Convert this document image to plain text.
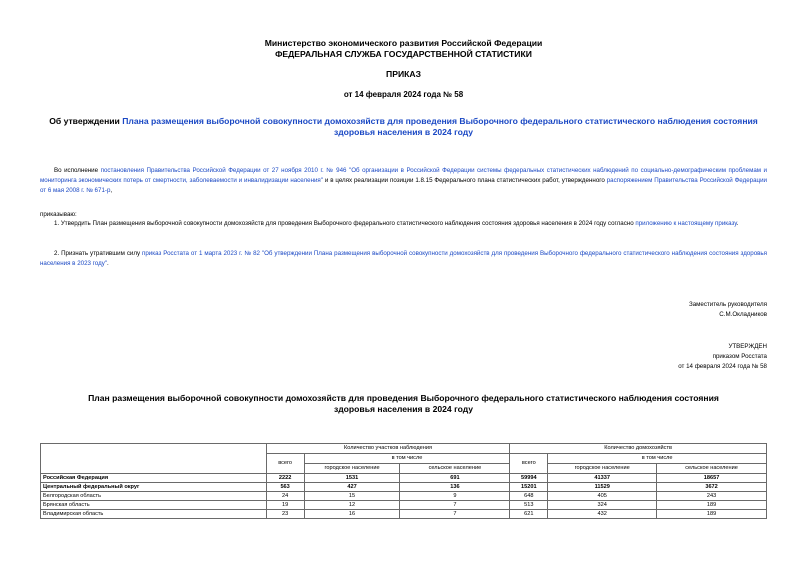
Министерство экономического развития Российской Федерации
ФЕДЕРАЛЬНАЯ СЛУЖБА ГОСУДАРСТВЕННОЙ СТАТИСТИКИ
ПРИКАЗ
от 14 февраля 2024 года № 58
Об утверждении Плана размещения выборочной совокупности домохозяйств для проведения Выборочного федерального статистического наблюдения состояния здоровья населения в 2024 году
Во исполнение постановления Правительства Российской Федерации от 27 ноября 2010 г. № 946 "Об организации в Российской Федерации системы федеральных статистических наблюдений по социально-демографическим проблемам и мониторинга экономических потерь от смертности, заболеваемости и инвалидизации населения" и в целях реализации позиции 1.8.15 Федерального плана статистических работ, утвержденного распоряжением Правительства Российской Федерации от 6 мая 2008 г. № 671-р,
приказываю:
1. Утвердить План размещения выборочной совокупности домохозяйств для проведения Выборочного федерального статистического наблюдения состояния здоровья населения в 2024 году согласно приложению к настоящему приказу.
2. Признать утратившим силу приказ Росстата от 1 марта 2023 г. № 82 "Об утверждении Плана размещения выборочной совокупности домохозяйств для проведения Выборочного федерального статистического наблюдения состояния здоровья населения в 2023 году".
Заместитель руководителя
С.М.Окладников
УТВЕРЖДЕН
приказом Росстата
от 14 февраля 2024 года № 58
План размещения выборочной совокупности домохозяйств для проведения Выборочного федерального статистического наблюдения состояния здоровья населения в 2024 году
	Количество участков наблюдения			Количество домохозяйств		
	всего	в том числе		всего	в том числе	
		городское население	сельское население		городское население	сельское население
Российская Федерация	2222	1531	691	59994	41337	18657
Центральный федеральный округ	563	427	136	15201	11529	3672
Белгородская область	24	15	9	648	405	243
Брянская область	19	12	7	513	324	189
Владимирская область	23	16	7	621	432	189
